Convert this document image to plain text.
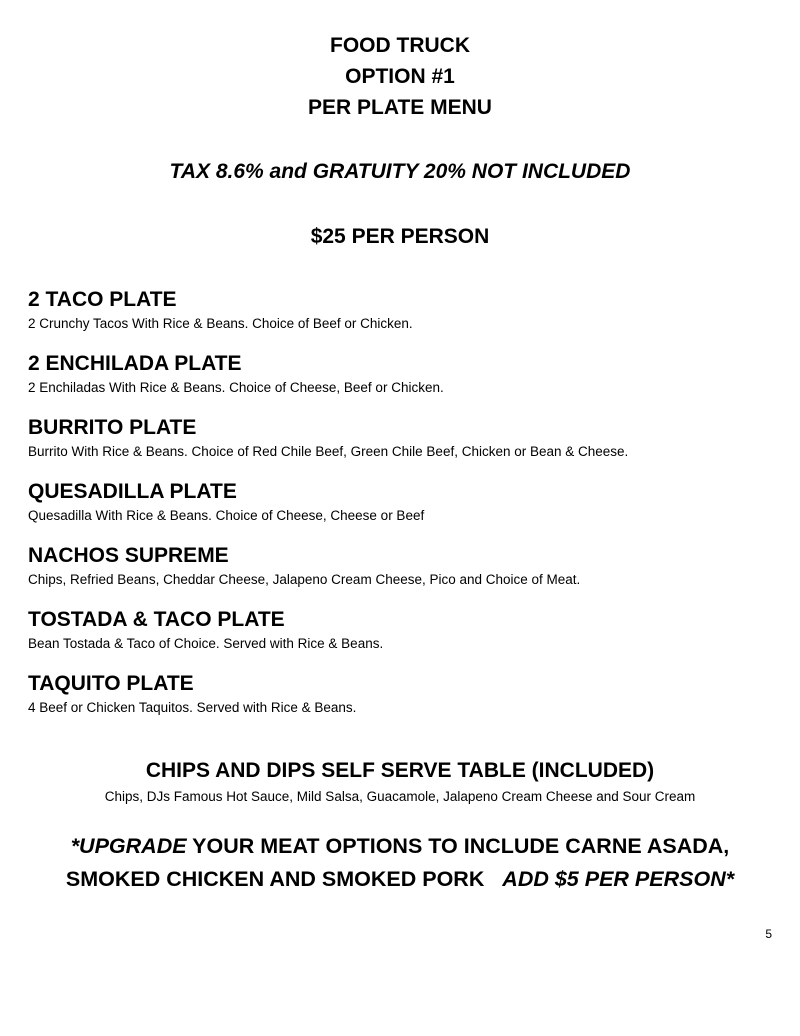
FOOD TRUCK
OPTION #1
PER PLATE MENU
TAX 8.6% and GRATUITY 20% NOT INCLUDED
$25 PER PERSON
2 TACO PLATE
2 Crunchy Tacos With Rice & Beans. Choice of Beef or Chicken.
2 ENCHILADA PLATE
2 Enchiladas With Rice & Beans. Choice of Cheese, Beef or Chicken.
BURRITO PLATE
Burrito With Rice & Beans. Choice of Red Chile Beef, Green Chile Beef, Chicken or Bean & Cheese.
QUESADILLA PLATE
Quesadilla With Rice & Beans. Choice of Cheese, Cheese or Beef
NACHOS SUPREME
Chips, Refried Beans, Cheddar Cheese, Jalapeno Cream Cheese, Pico and Choice of Meat.
TOSTADA & TACO PLATE
Bean Tostada & Taco of Choice. Served with Rice & Beans.
TAQUITO PLATE
4 Beef or Chicken Taquitos. Served with Rice & Beans.
CHIPS AND DIPS SELF SERVE TABLE (INCLUDED)
Chips, DJs Famous Hot Sauce, Mild Salsa, Guacamole, Jalapeno Cream Cheese and Sour Cream
*UPGRADE YOUR MEAT OPTIONS TO INCLUDE CARNE ASADA,
SMOKED CHICKEN AND SMOKED PORK ADD $5 PER PERSON*
5
